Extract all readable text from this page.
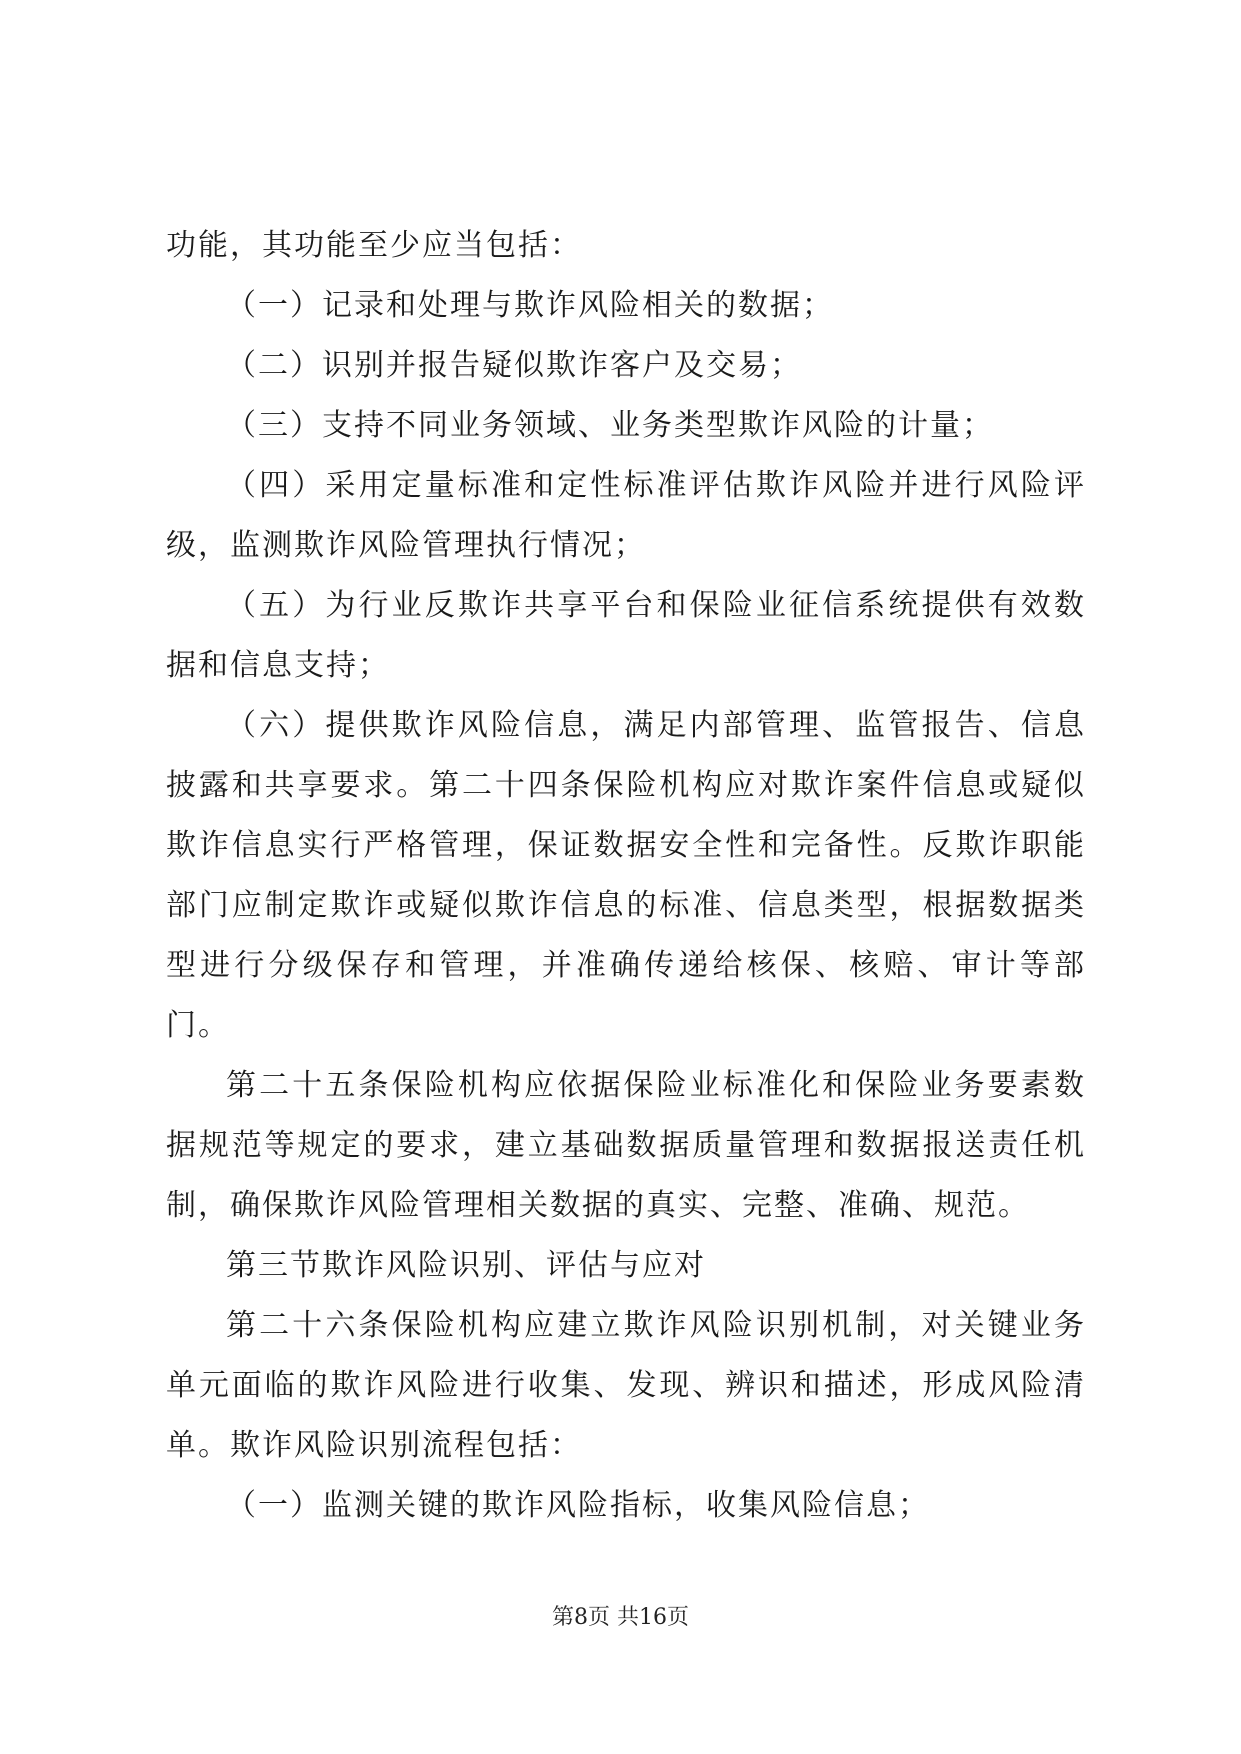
功能，其功能至少应当包括：

（一）记录和处理与欺诈风险相关的数据；

（二）识别并报告疑似欺诈客户及交易；

（三）支持不同业务领域、业务类型欺诈风险的计量；

（四）采用定量标准和定性标准评估欺诈风险并进行风险评级，监测欺诈风险管理执行情况；

（五）为行业反欺诈共享平台和保险业征信系统提供有效数据和信息支持；

（六）提供欺诈风险信息，满足内部管理、监管报告、信息披露和共享要求。第二十四条保险机构应对欺诈案件信息或疑似欺诈信息实行严格管理，保证数据安全性和完备性。反欺诈职能部门应制定欺诈或疑似欺诈信息的标准、信息类型，根据数据类型进行分级保存和管理，并准确传递给核保、核赔、审计等部门。

第二十五条保险机构应依据保险业标准化和保险业务要素数据规范等规定的要求，建立基础数据质量管理和数据报送责任机制，确保欺诈风险管理相关数据的真实、完整、准确、规范。

第三节欺诈风险识别、评估与应对

第二十六条保险机构应建立欺诈风险识别机制，对关键业务单元面临的欺诈风险进行收集、发现、辨识和描述，形成风险清单。欺诈风险识别流程包括：

（一）监测关键的欺诈风险指标，收集风险信息；

第8页 共16页
